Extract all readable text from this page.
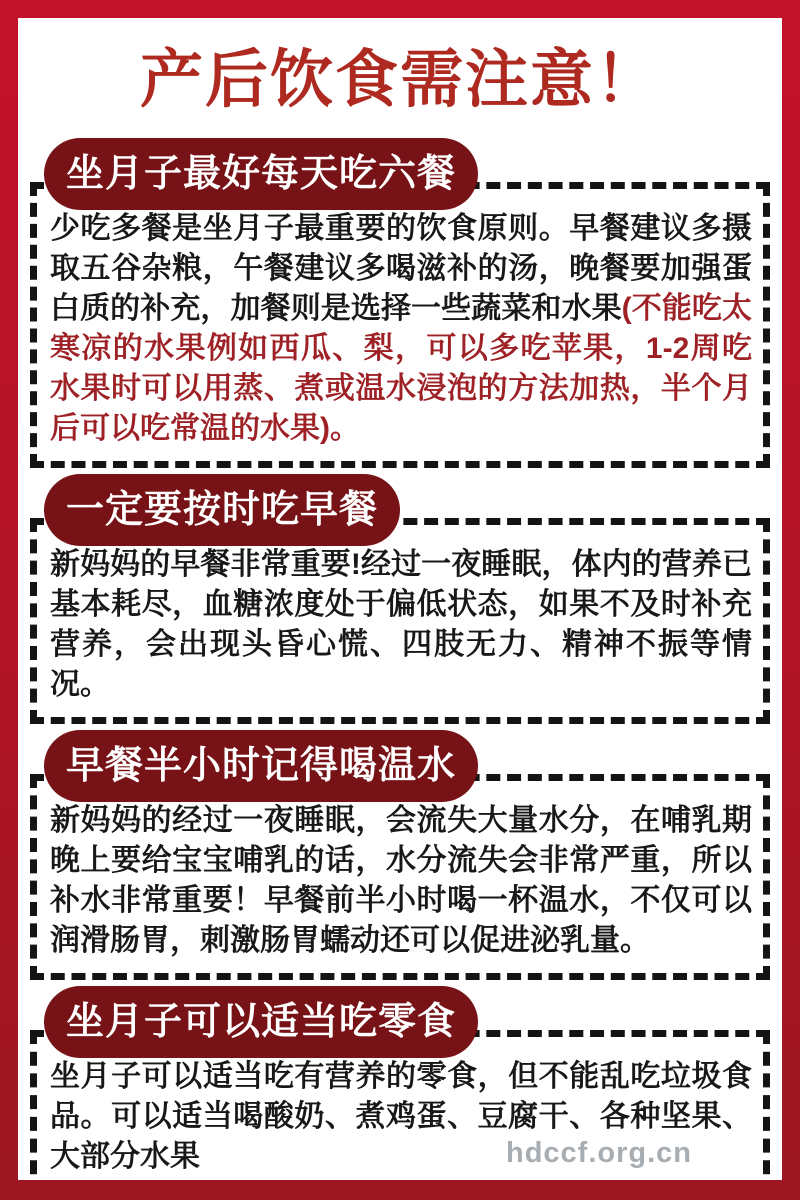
产后饮食需注意！
坐月子最好每天吃六餐

少吃多餐是坐月子最重要的饮食原则。早餐建议多摄取五谷杂粮，午餐建议多喝滋补的汤，晚餐要加强蛋白质的补充，加餐则是选择一些蔬菜和水果(不能吃太寒凉的水果例如西瓜、梨，可以多吃苹果，1-2周吃水果时可以用蒸、煮或温水浸泡的方法加热，半个月后可以吃常温的水果)。

一定要按时吃早餐

新妈妈的早餐非常重要!经过一夜睡眠，体内的营养已基本耗尽，血糖浓度处于偏低状态，如果不及时补充营养，会出现头昏心慌、四肢无力、精神不振等情况。

早餐半小时记得喝温水

新妈妈的经过一夜睡眠，会流失大量水分，在哺乳期晚上要给宝宝哺乳的话，水分流失会非常严重，所以补水非常重要！早餐前半小时喝一杯温水，不仅可以润滑肠胃，刺激肠胃蠕动还可以促进泌乳量。

坐月子可以适当吃零食

坐月子可以适当吃有营养的零食，但不能乱吃垃圾食品。可以适当喝酸奶、煮鸡蛋、豆腐干、各种坚果、大部分水果	hdccf.org.cn
